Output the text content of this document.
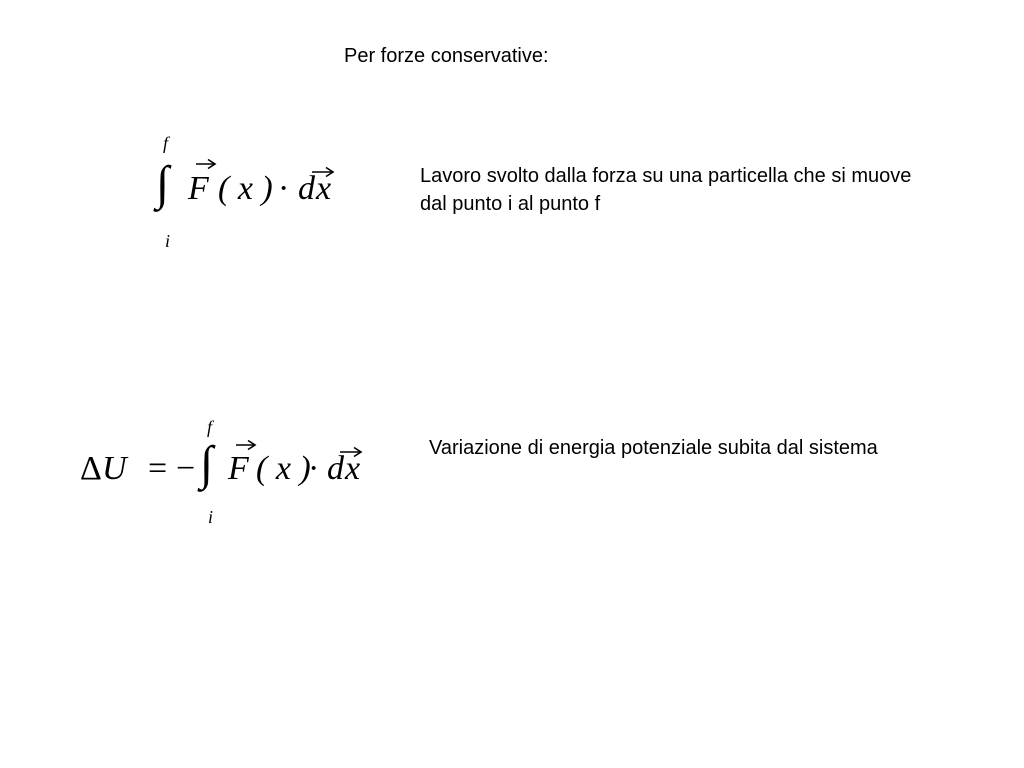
Per forze conservative:
f
∫
i
F ( x ) · d x	Lavoro svolto dalla forza su una particella che si muove dal punto i al punto f
Δ U = −
f
∫
i
F ( x )
· d x
Variazione di energia potenziale subita dal sistema
